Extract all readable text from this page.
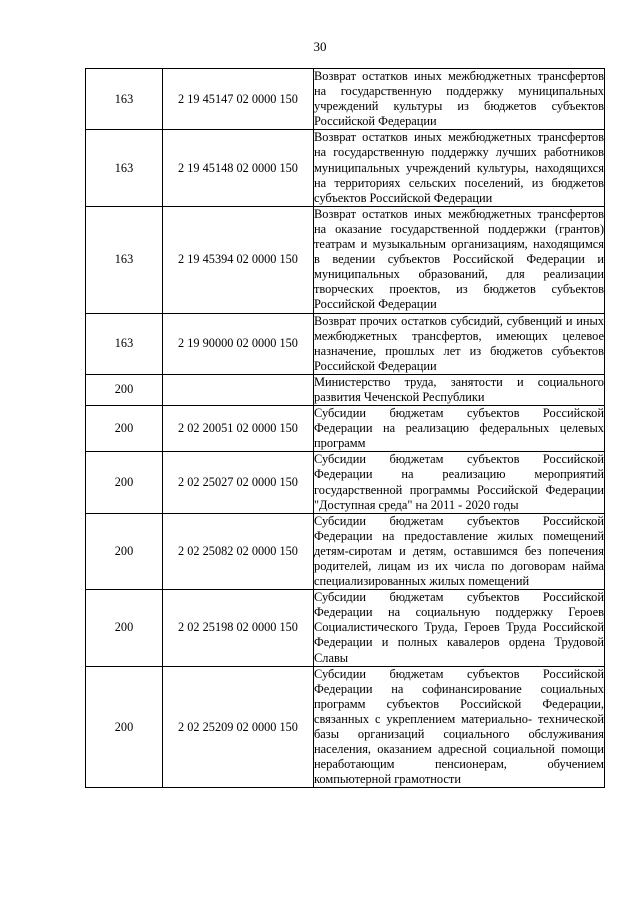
30
163	2 19 45147 02 0000 150	Возврат остатков иных межбюджетных трансфертов на государственную поддержку муниципальных учреждений культуры из бюджетов субъектов Российской Федерации

163	2 19 45148 02 0000 150	Возврат остатков иных межбюджетных трансфертов на государственную поддержку лучших работников муниципальных учреждений культуры, находящихся на территориях сельских поселений, из бюджетов субъектов Российской Федерации

163	2 19 45394 02 0000 150	Возврат остатков иных межбюджетных трансфертов на оказание государственной поддержки (грантов) театрам и музыкальным организациям, находящимся в ведении субъектов Российской Федерации и муниципальных образований, для реализации творческих проектов, из бюджетов субъектов Российской Федерации

163	2 19 90000 02 0000 150	Возврат прочих остатков субсидий, субвенций и иных межбюджетных трансфертов, имеющих целевое назначение, прошлых лет из бюджетов субъектов Российской Федерации

200		Министерство труда, занятости и социального развития Чеченской Республики

200	2 02 20051 02 0000 150	Субсидии бюджетам субъектов Российской Федерации на реализацию федеральных целевых программ

200	2 02 25027 02 0000 150	Субсидии бюджетам субъектов Российской Федерации на реализацию мероприятий государственной программы Российской Федерации "Доступная среда" на 2011 - 2020 годы

200	2 02 25082 02 0000 150	Субсидии бюджетам субъектов Российской Федерации на предоставление жилых помещений детям-сиротам и детям, оставшимся без попечения родителей, лицам из их числа по договорам найма специализированных жилых помещений

200	2 02 25198 02 0000 150	Субсидии бюджетам субъектов Российской Федерации на социальную поддержку Героев Социалистического Труда, Героев Труда Российской Федерации и полных кавалеров ордена Трудовой Славы

200	2 02 25209 02 0000 150	Субсидии бюджетам субъектов Российской Федерации на софинансирование социальных программ субъектов Российской Федерации, связанных с укреплением материально- технической базы организаций социального обслуживания населения, оказанием адресной социальной помощи неработающим пенсионерам, обучением компьютерной грамотности
